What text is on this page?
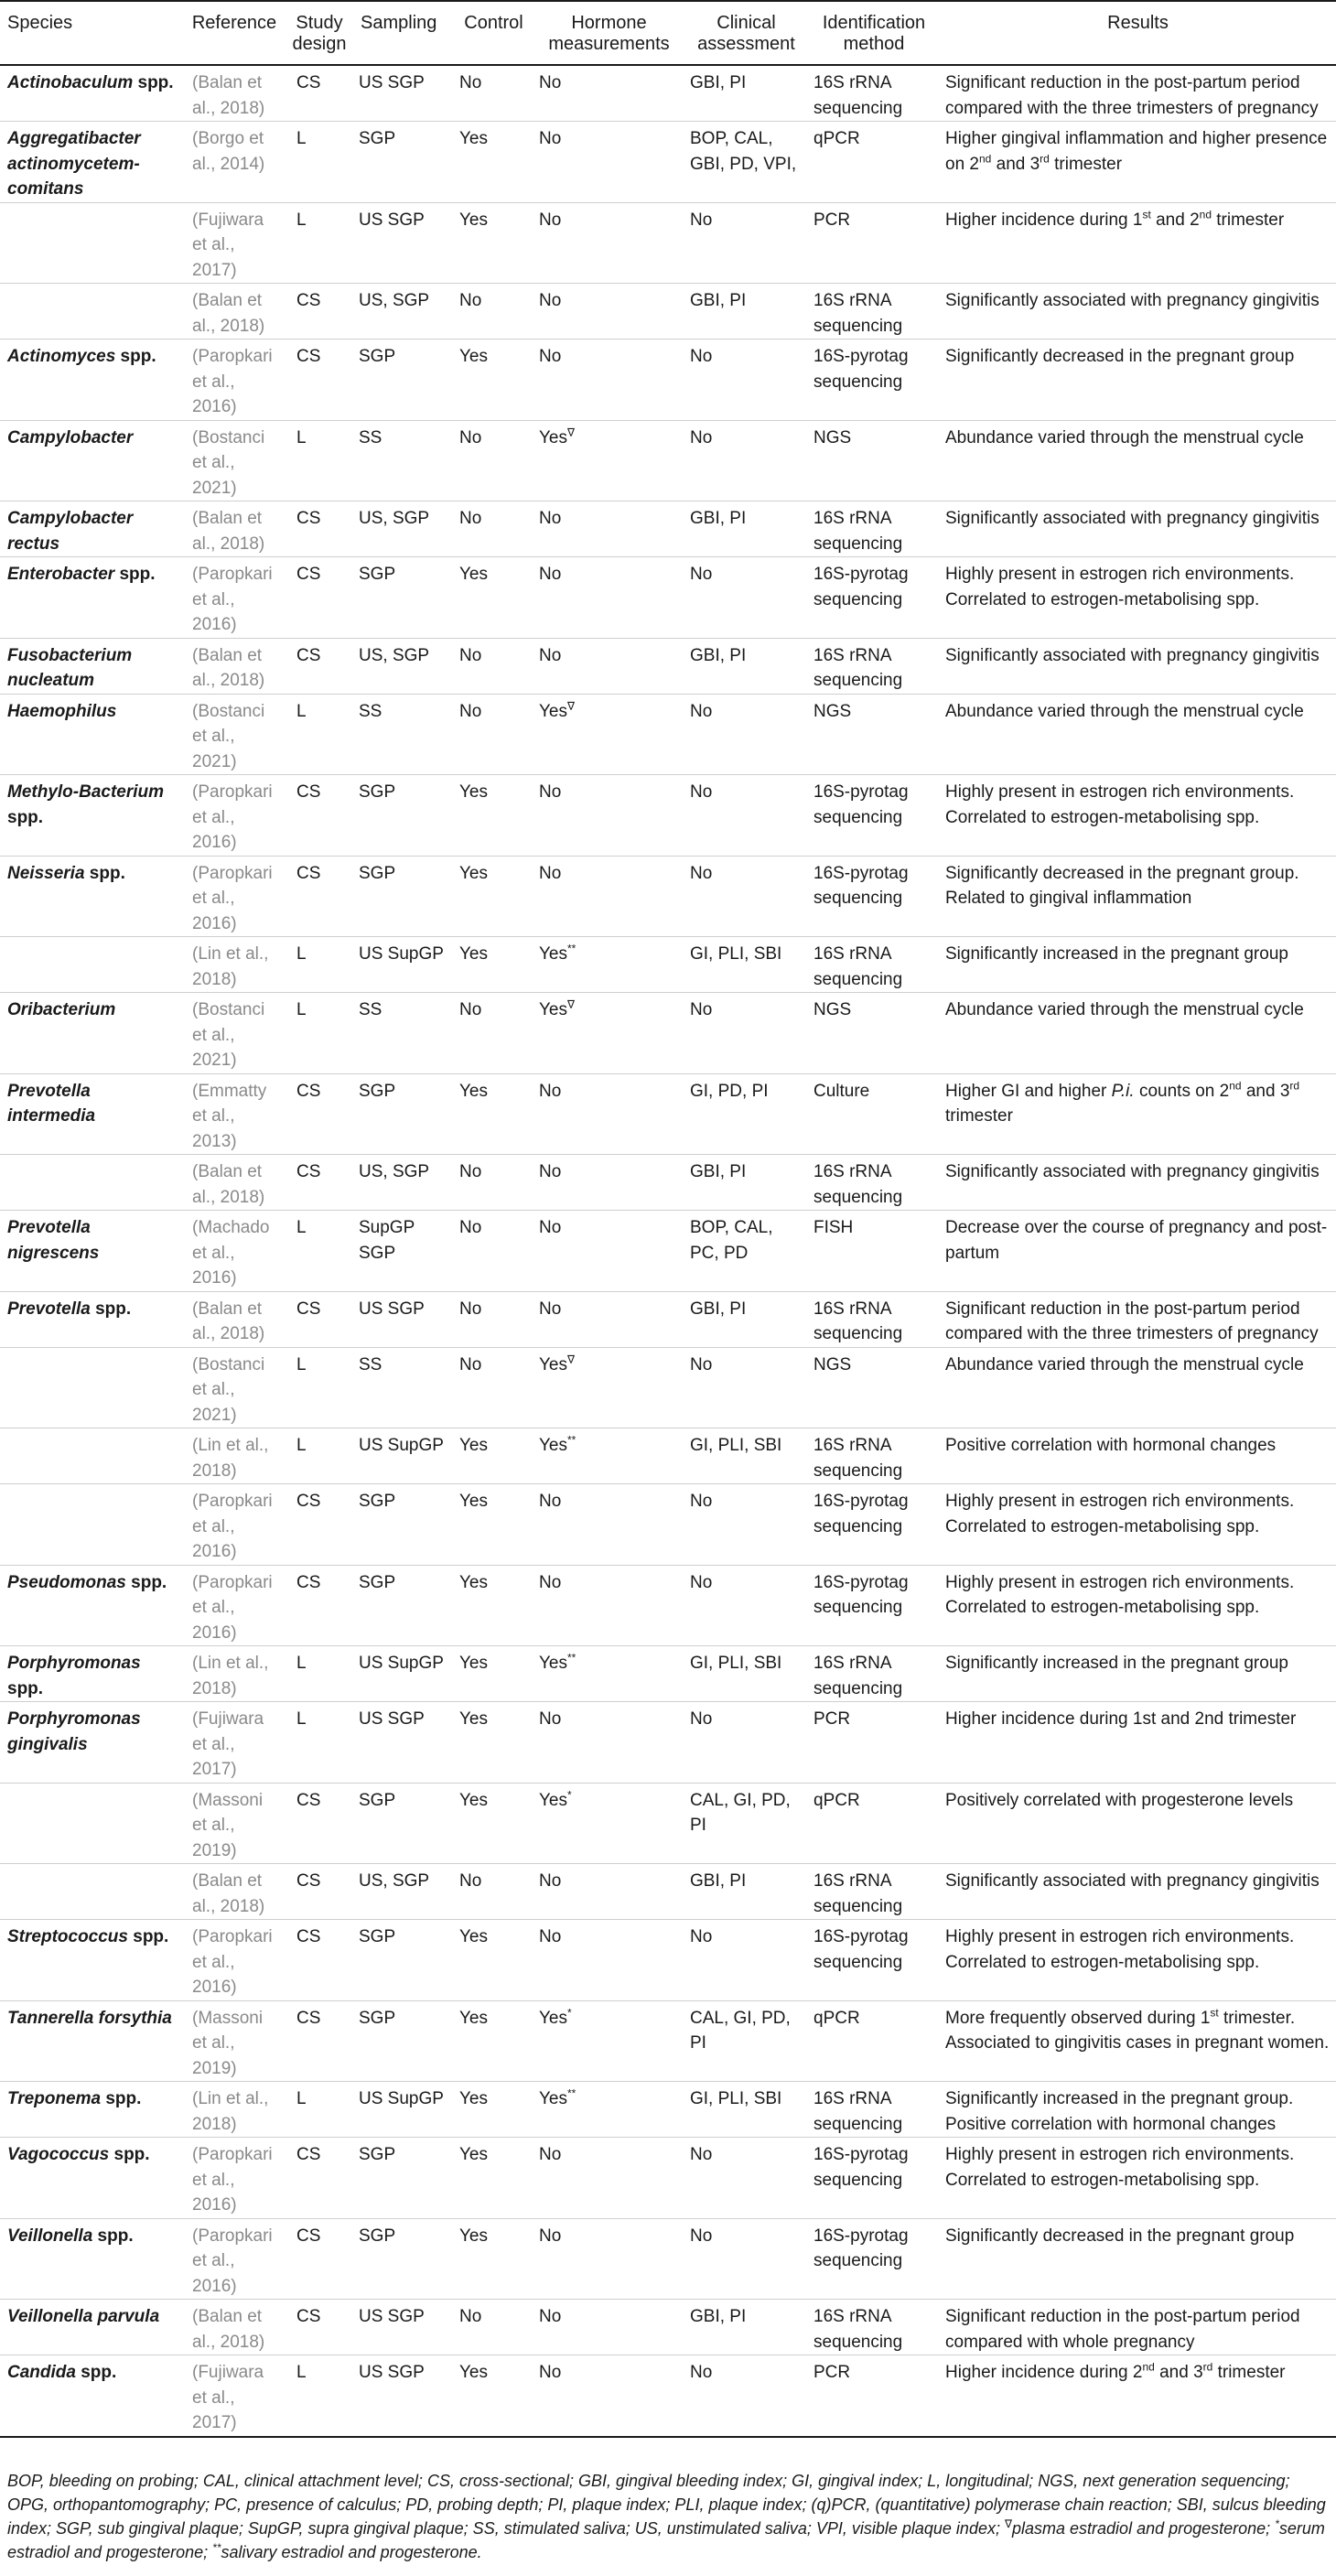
Species	Reference	Study design	Sampling	Control	Hormone measurements	Clinical assessment	Identification method	Results
Actinobaculum spp.	(Balan et al., 2018)	CS	US SGP	No	No	GBI, PI	16S rRNA sequencing	Significant reduction in the post-partum period compared with the three trimesters of pregnancy
Aggregatibacter actinomycetem-comitans	(Borgo et al., 2014)	L	SGP	Yes	No	BOP, CAL, GBI, PD, VPI,	qPCR	Higher gingival inflammation and higher presence on 2nd and 3rd trimester
	(Fujiwara et al., 2017)	L	US SGP	Yes	No	No	PCR	Higher incidence during 1st and 2nd trimester
	(Balan et al., 2018)	CS	US, SGP	No	No	GBI, PI	16S rRNA sequencing	Significantly associated with pregnancy gingivitis
Actinomyces spp.	(Paropkari et al., 2016)	CS	SGP	Yes	No	No	16S-pyrotag sequencing	Significantly decreased in the pregnant group
Campylobacter	(Bostanci et al., 2021)	L	SS	No	Yes∇	No	NGS	Abundance varied through the menstrual cycle
Campylobacter rectus	(Balan et al., 2018)	CS	US, SGP	No	No	GBI, PI	16S rRNA sequencing	Significantly associated with pregnancy gingivitis
Enterobacter spp.	(Paropkari et al., 2016)	CS	SGP	Yes	No	No	16S-pyrotag sequencing	Highly present in estrogen rich environments. Correlated to estrogen-metabolising spp.
Fusobacterium nucleatum	(Balan et al., 2018)	CS	US, SGP	No	No	GBI, PI	16S rRNA sequencing	Significantly associated with pregnancy gingivitis
Haemophilus	(Bostanci et al., 2021)	L	SS	No	Yes∇	No	NGS	Abundance varied through the menstrual cycle
Methylo-Bacterium spp.	(Paropkari et al., 2016)	CS	SGP	Yes	No	No	16S-pyrotag sequencing	Highly present in estrogen rich environments. Correlated to estrogen-metabolising spp.
Neisseria spp.	(Paropkari et al., 2016)	CS	SGP	Yes	No	No	16S-pyrotag sequencing	Significantly decreased in the pregnant group. Related to gingival inflammation
	(Lin et al., 2018)	L	US SupGP	Yes	Yes**	GI, PLI, SBI	16S rRNA sequencing	Significantly increased in the pregnant group
Oribacterium	(Bostanci et al., 2021)	L	SS	No	Yes∇	No	NGS	Abundance varied through the menstrual cycle
Prevotella intermedia	(Emmatty et al., 2013)	CS	SGP	Yes	No	GI, PD, PI	Culture	Higher GI and higher P.i. counts on 2nd and 3rd trimester
	(Balan et al., 2018)	CS	US, SGP	No	No	GBI, PI	16S rRNA sequencing	Significantly associated with pregnancy gingivitis
Prevotella nigrescens	(Machado et al., 2016)	L	SupGP SGP	No	No	BOP, CAL, PC, PD	FISH	Decrease over the course of pregnancy and post-partum
Prevotella spp.	(Balan et al., 2018)	CS	US SGP	No	No	GBI, PI	16S rRNA sequencing	Significant reduction in the post-partum period compared with the three trimesters of pregnancy
	(Bostanci et al., 2021)	L	SS	No	Yes∇	No	NGS	Abundance varied through the menstrual cycle
	(Lin et al., 2018)	L	US SupGP	Yes	Yes**	GI, PLI, SBI	16S rRNA sequencing	Positive correlation with hormonal changes
	(Paropkari et al., 2016)	CS	SGP	Yes	No	No	16S-pyrotag sequencing	Highly present in estrogen rich environments. Correlated to estrogen-metabolising spp.
Pseudomonas spp.	(Paropkari et al., 2016)	CS	SGP	Yes	No	No	16S-pyrotag sequencing	Highly present in estrogen rich environments. Correlated to estrogen-metabolising spp.
Porphyromonas spp.	(Lin et al., 2018)	L	US SupGP	Yes	Yes**	GI, PLI, SBI	16S rRNA sequencing	Significantly increased in the pregnant group
Porphyromonas gingivalis	(Fujiwara et al., 2017)	L	US SGP	Yes	No	No	PCR	Higher incidence during 1st and 2nd trimester
	(Massoni et al., 2019)	CS	SGP	Yes	Yes*	CAL, GI, PD, PI	qPCR	Positively correlated with progesterone levels
	(Balan et al., 2018)	CS	US, SGP	No	No	GBI, PI	16S rRNA sequencing	Significantly associated with pregnancy gingivitis
Streptococcus spp.	(Paropkari et al., 2016)	CS	SGP	Yes	No	No	16S-pyrotag sequencing	Highly present in estrogen rich environments. Correlated to estrogen-metabolising spp.
Tannerella forsythia	(Massoni et al., 2019)	CS	SGP	Yes	Yes*	CAL, GI, PD, PI	qPCR	More frequently observed during 1st trimester. Associated to gingivitis cases in pregnant women.
Treponema spp.	(Lin et al., 2018)	L	US SupGP	Yes	Yes**	GI, PLI, SBI	16S rRNA sequencing	Significantly increased in the pregnant group. Positive correlation with hormonal changes
Vagococcus spp.	(Paropkari et al., 2016)	CS	SGP	Yes	No	No	16S-pyrotag sequencing	Highly present in estrogen rich environments. Correlated to estrogen-metabolising spp.
Veillonella spp.	(Paropkari et al., 2016)	CS	SGP	Yes	No	No	16S-pyrotag sequencing	Significantly decreased in the pregnant group
Veillonella parvula	(Balan et al., 2018)	CS	US SGP	No	No	GBI, PI	16S rRNA sequencing	Significant reduction in the post-partum period compared with whole pregnancy
Candida spp.	(Fujiwara et al., 2017)	L	US SGP	Yes	No	No	PCR	Higher incidence during 2nd and 3rd trimester
BOP, bleeding on probing; CAL, clinical attachment level; CS, cross-sectional; GBI, gingival bleeding index; GI, gingival index; L, longitudinal; NGS, next generation sequencing; OPG, orthopantomography; PC, presence of calculus; PD, probing depth; PI, plaque index; PLI, plaque index; (q)PCR, (quantitative) polymerase chain reaction; SBI, sulcus bleeding index; SGP, sub gingival plaque; SupGP, supra gingival plaque; SS, stimulated saliva; US, unstimulated saliva; VPI, visible plaque index; ∇plasma estradiol and progesterone; *serum estradiol and progesterone; **salivary estradiol and progesterone.
